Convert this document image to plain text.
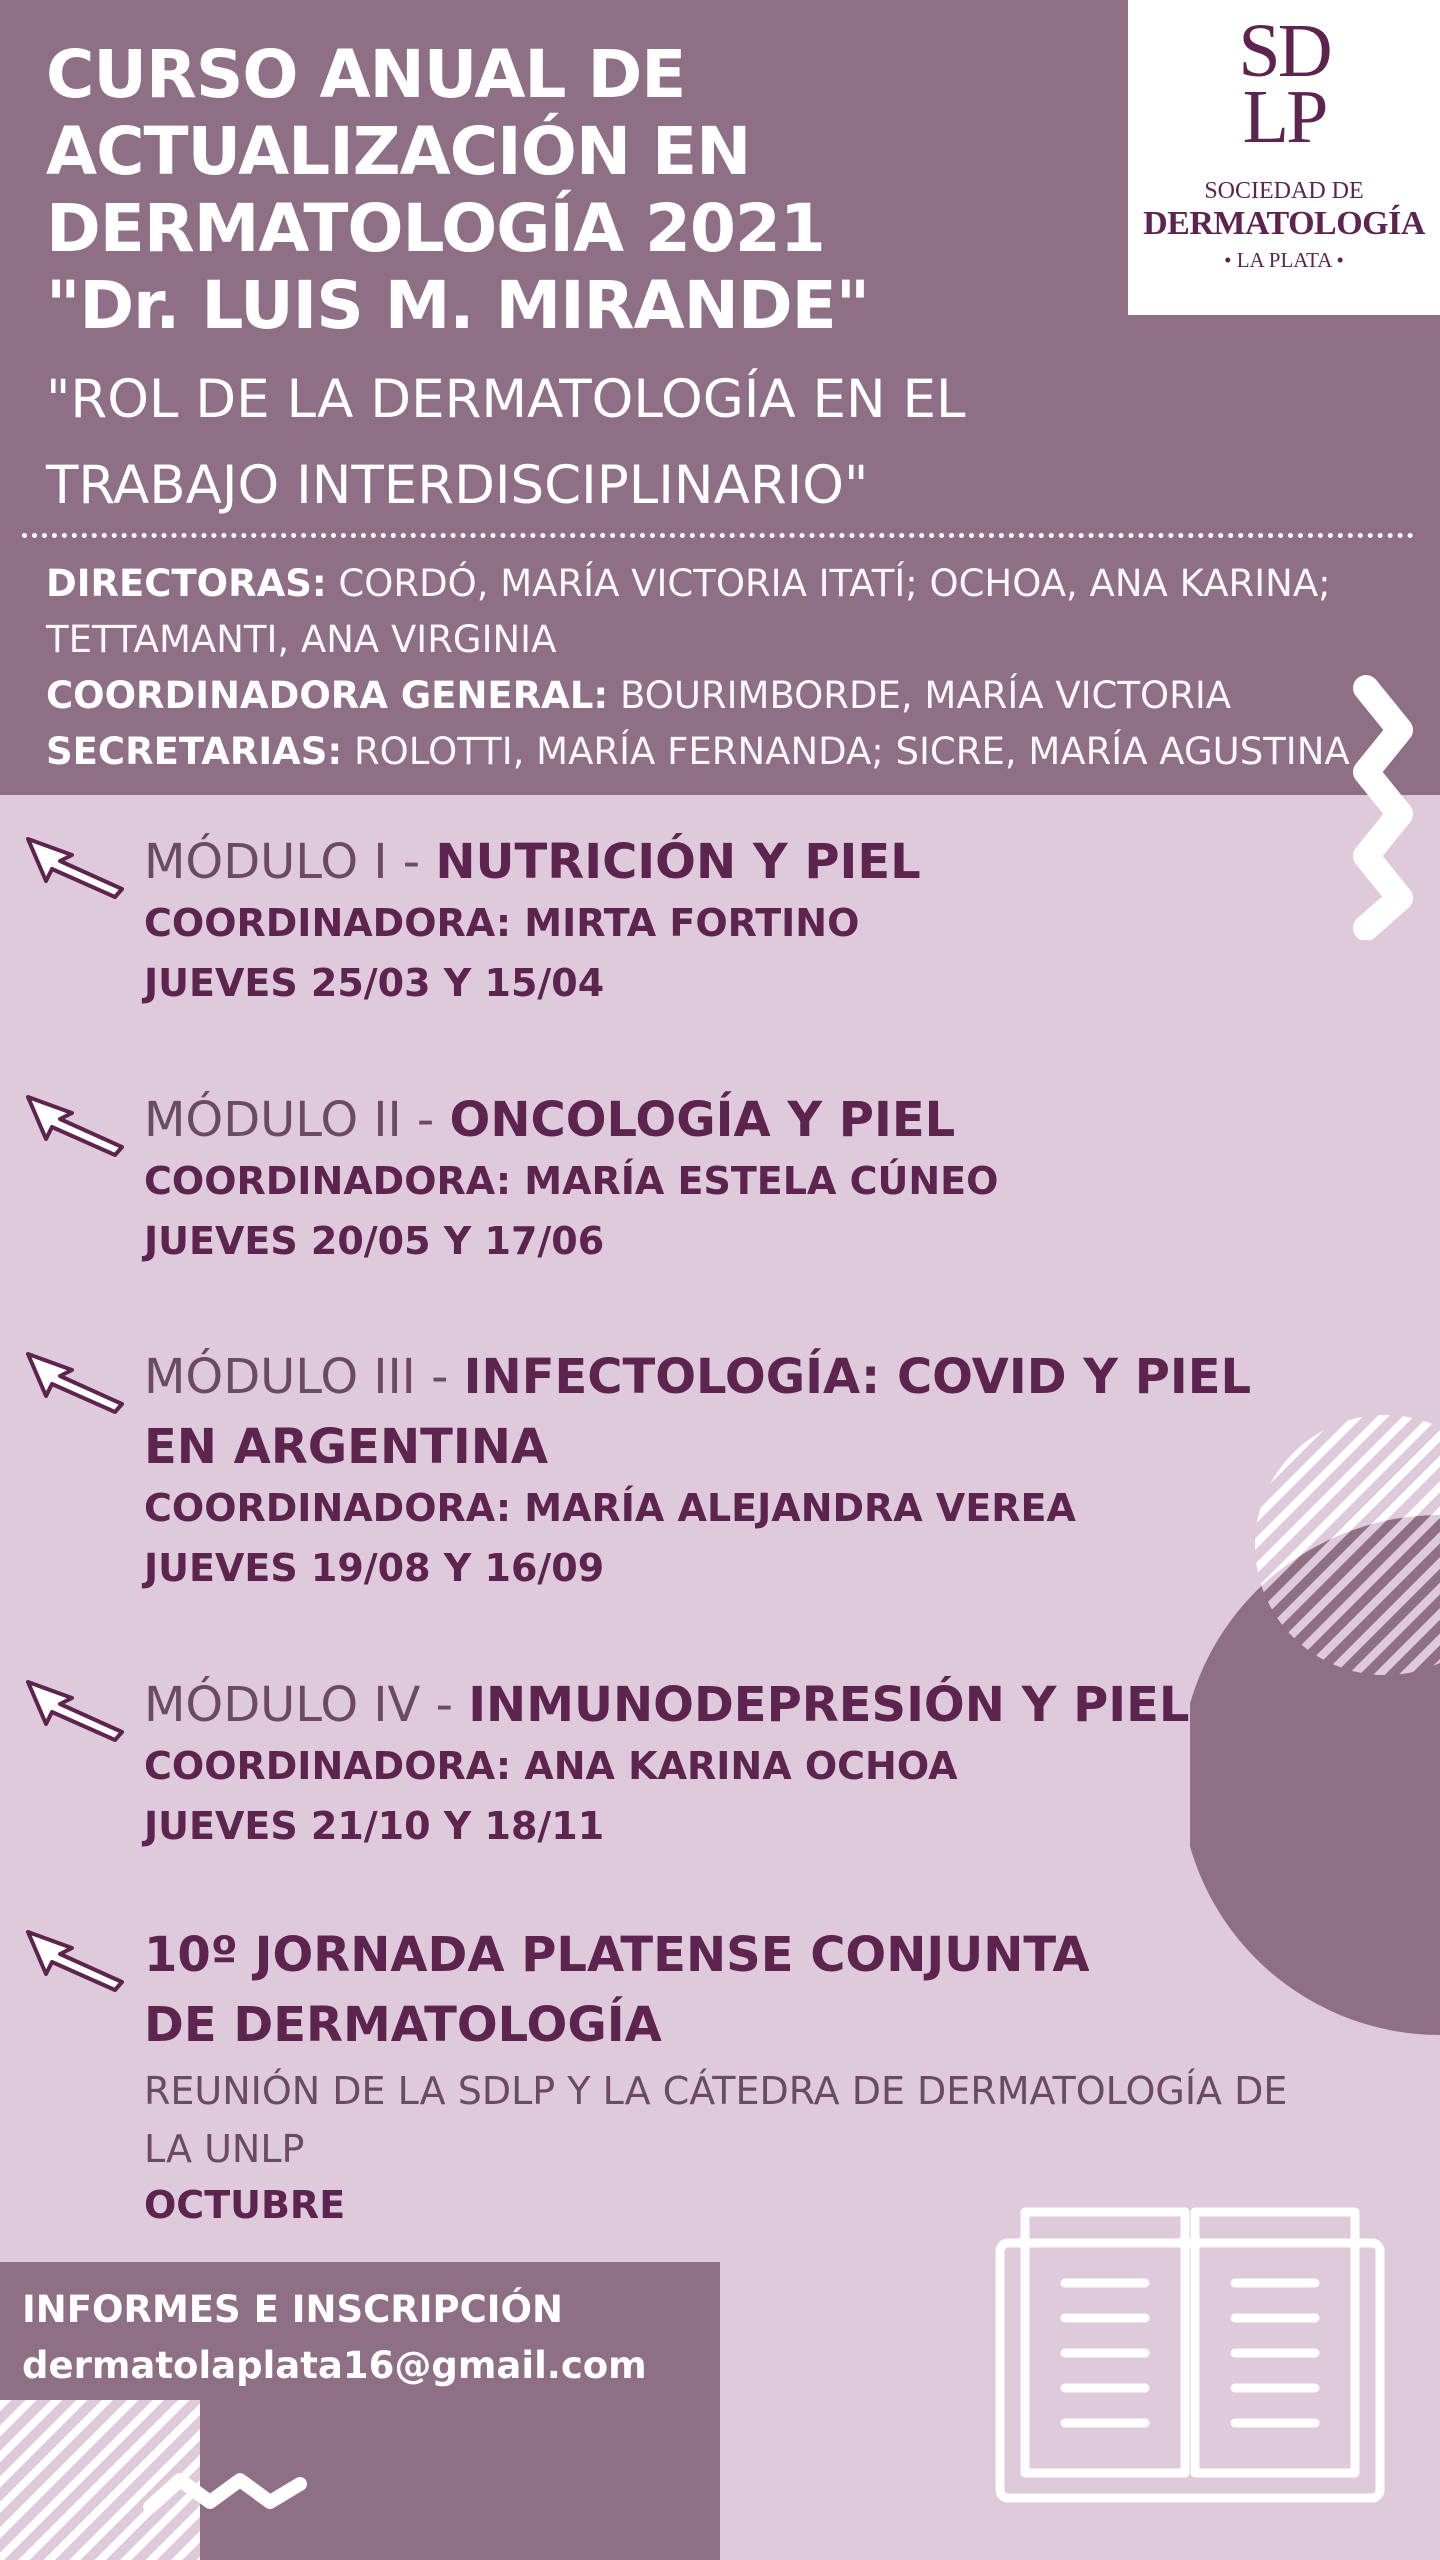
CURSO ANUAL DE
ACTUALIZACIÓN EN
DERMATOLOGÍA 2021
"Dr. LUIS M. MIRANDE"
"ROL DE LA DERMATOLOGÍA EN EL
TRABAJO INTERDISCIPLINARIO"
DIRECTORAS: CORDÓ, MARÍA VICTORIA ITATÍ; OCHOA, ANA KARINA;
TETTAMANTI, ANA VIRGINIA
COORDINADORA GENERAL: BOURIMBORDE, MARÍA VICTORIA
SECRETARIAS: ROLOTTI, MARÍA FERNANDA; SICRE, MARÍA AGUSTINA
SD
LP
SOCIEDAD DE
DERMATOLOGÍA
• LA PLATA •
MÓDULO I - NUTRICIÓN Y PIEL
COORDINADORA: MIRTA FORTINO
JUEVES 25/03 Y 15/04
MÓDULO II - ONCOLOGÍA Y PIEL
COORDINADORA: MARÍA ESTELA CÚNEO
JUEVES 20/05 Y 17/06
MÓDULO III - INFECTOLOGÍA: COVID Y PIEL EN ARGENTINA
COORDINADORA: MARÍA ALEJANDRA VEREA
JUEVES 19/08 Y 16/09
MÓDULO IV - INMUNODEPRESIÓN Y PIEL
COORDINADORA: ANA KARINA OCHOA
JUEVES 21/10 Y 18/11
10º JORNADA PLATENSE CONJUNTA DE DERMATOLOGÍA
REUNIÓN DE LA SDLP Y LA CÁTEDRA DE DERMATOLOGÍA DE LA UNLP
OCTUBRE
INFORMES E INSCRIPCIÓN
dermatolaplata16@gmail.com
